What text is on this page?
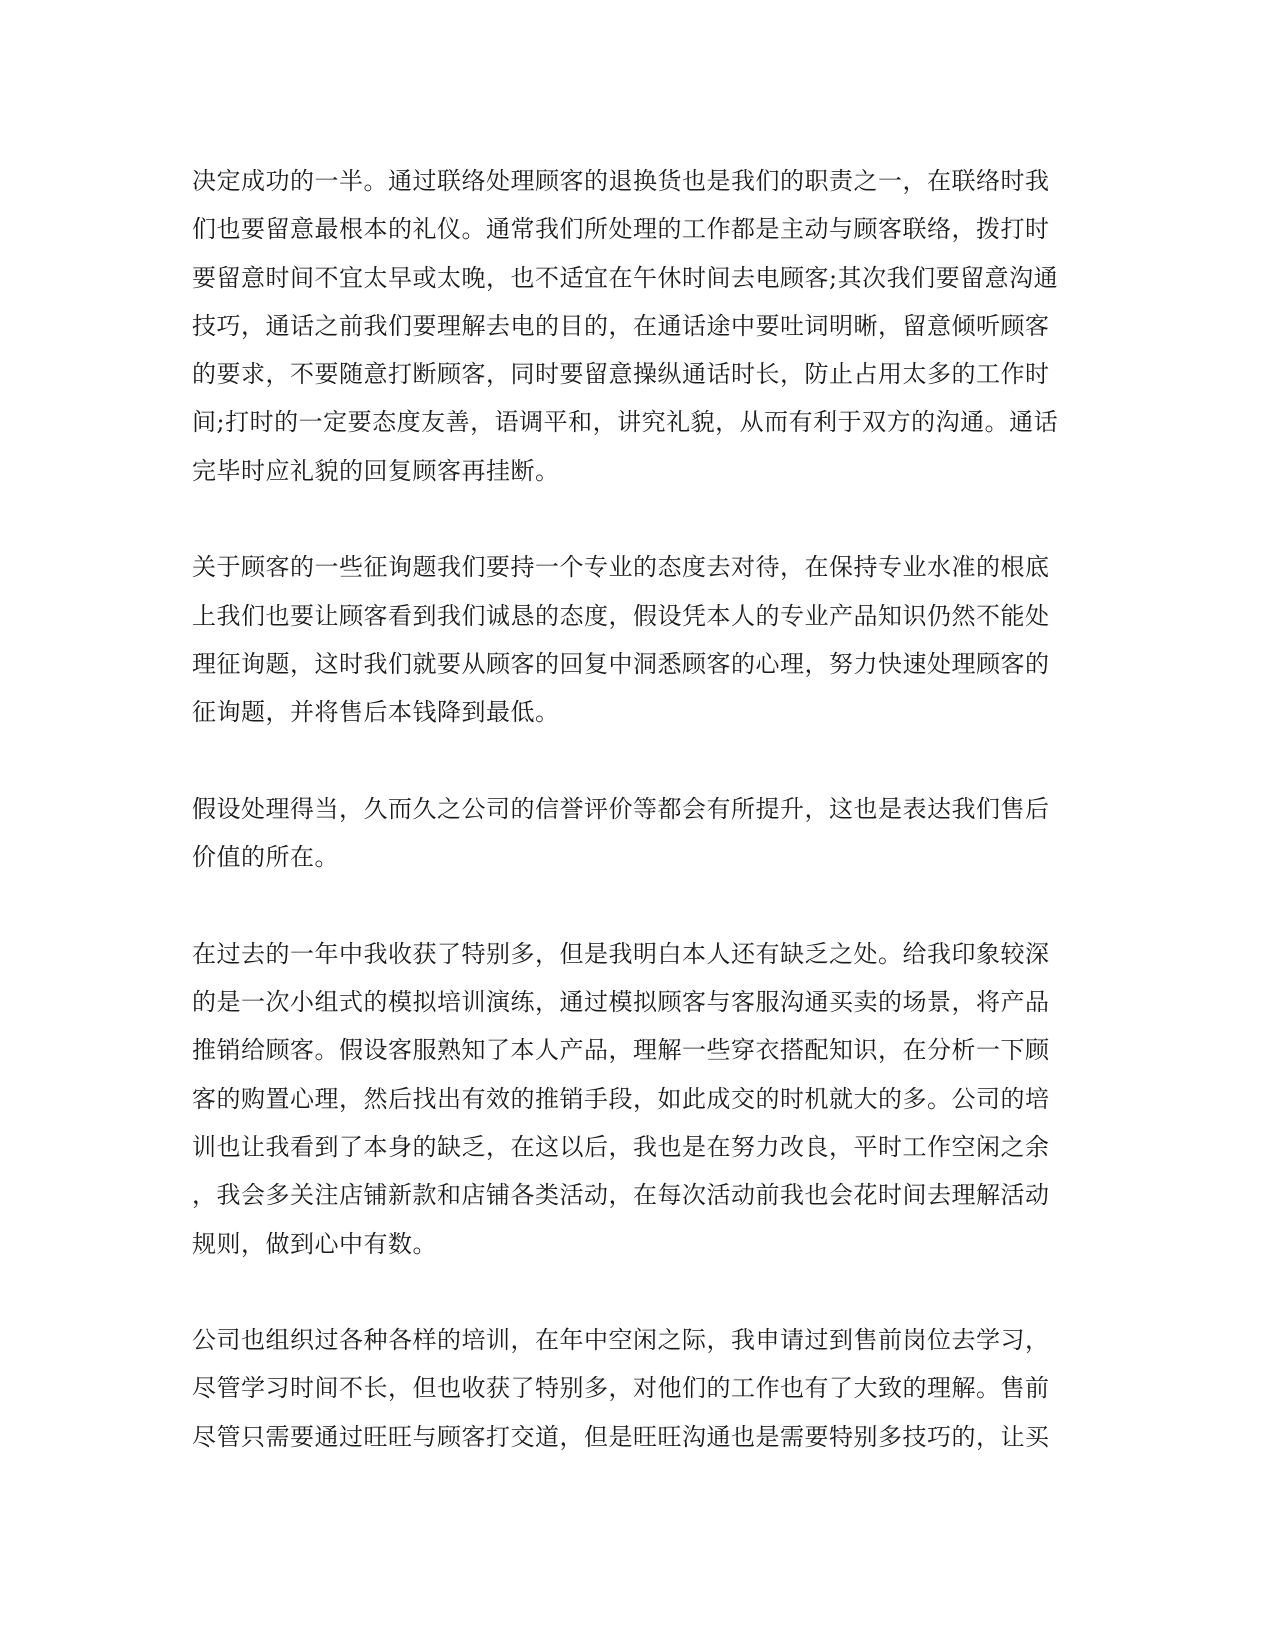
决定成功的一半。通过联络处理顾客的退换货也是我们的职责之一，在联络时我
们也要留意最根本的礼仪。通常我们所处理的工作都是主动与顾客联络，拨打时
要留意时间不宜太早或太晚，也不适宜在午休时间去电顾客;其次我们要留意沟通
技巧，通话之前我们要理解去电的目的，在通话途中要吐词明晰，留意倾听顾客
的要求，不要随意打断顾客，同时要留意操纵通话时长，防止占用太多的工作时
间;打时的一定要态度友善，语调平和，讲究礼貌，从而有利于双方的沟通。通话
完毕时应礼貌的回复顾客再挂断。
关于顾客的一些征询题我们要持一个专业的态度去对待，在保持专业水准的根底
上我们也要让顾客看到我们诚恳的态度，假设凭本人的专业产品知识仍然不能处
理征询题，这时我们就要从顾客的回复中洞悉顾客的心理，努力快速处理顾客的
征询题，并将售后本钱降到最低。
假设处理得当，久而久之公司的信誉评价等都会有所提升，这也是表达我们售后
价值的所在。
在过去的一年中我收获了特别多，但是我明白本人还有缺乏之处。给我印象较深
的是一次小组式的模拟培训演练，通过模拟顾客与客服沟通买卖的场景，将产品
推销给顾客。假设客服熟知了本人产品，理解一些穿衣搭配知识，在分析一下顾
客的购置心理，然后找出有效的推销手段，如此成交的时机就大的多。公司的培
训也让我看到了本身的缺乏，在这以后，我也是在努力改良，平时工作空闲之余
，我会多关注店铺新款和店铺各类活动，在每次活动前我也会花时间去理解活动
规则，做到心中有数。
公司也组织过各种各样的培训，在年中空闲之际，我申请过到售前岗位去学习，
尽管学习时间不长，但也收获了特别多，对他们的工作也有了大致的理解。售前
尽管只需要通过旺旺与顾客打交道，但是旺旺沟通也是需要特别多技巧的，让买
